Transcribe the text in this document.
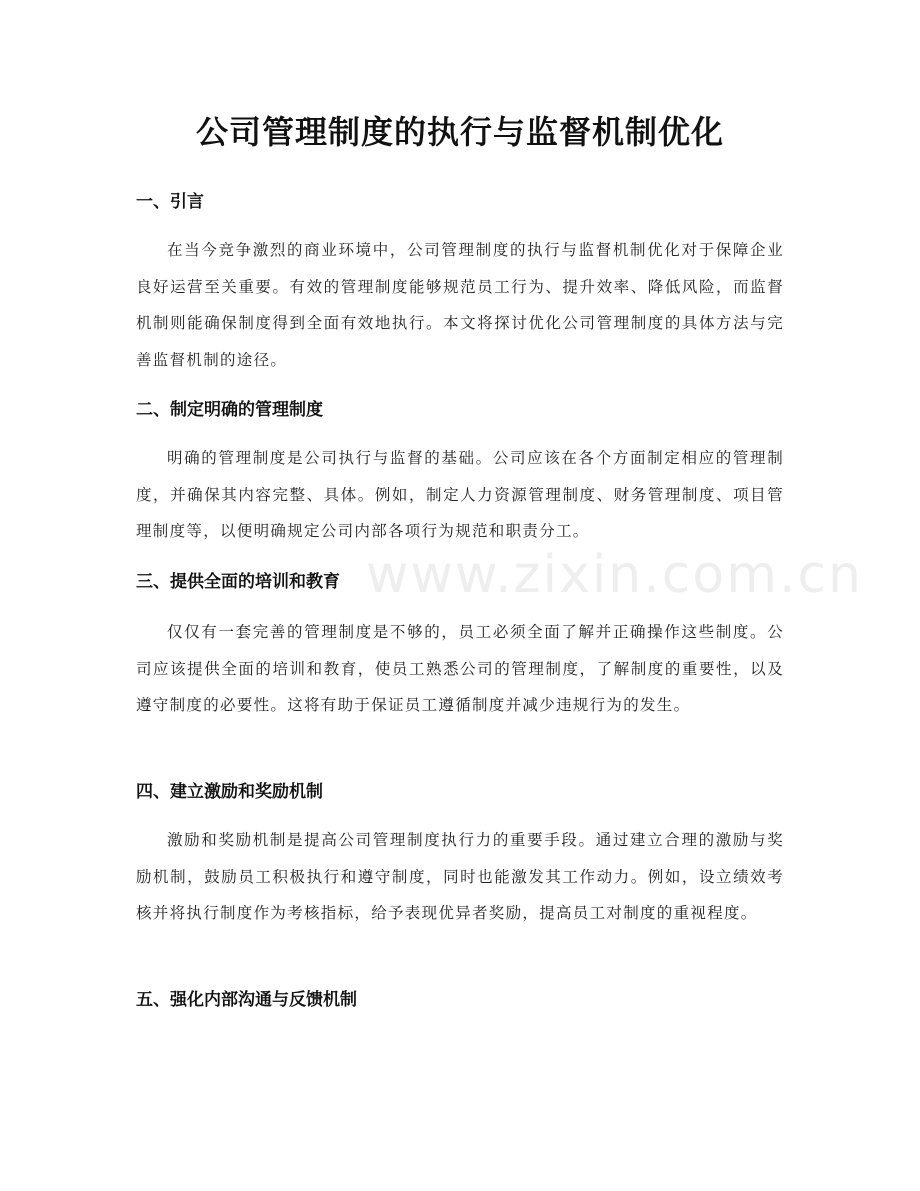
www.zixin.com.cn
公司管理制度的执行与监督机制优化
一、引言
在当今竞争激烈的商业环境中，公司管理制度的执行与监督机制优化对于保障企业良好运营至关重要。有效的管理制度能够规范员工行为、提升效率、降低风险，而监督机制则能确保制度得到全面有效地执行。本文将探讨优化公司管理制度的具体方法与完善监督机制的途径。
二、制定明确的管理制度
明确的管理制度是公司执行与监督的基础。公司应该在各个方面制定相应的管理制度，并确保其内容完整、具体。例如，制定人力资源管理制度、财务管理制度、项目管理制度等，以便明确规定公司内部各项行为规范和职责分工。
三、提供全面的培训和教育
仅仅有一套完善的管理制度是不够的，员工必须全面了解并正确操作这些制度。公司应该提供全面的培训和教育，使员工熟悉公司的管理制度，了解制度的重要性，以及遵守制度的必要性。这将有助于保证员工遵循制度并减少违规行为的发生。
四、建立激励和奖励机制
激励和奖励机制是提高公司管理制度执行力的重要手段。通过建立合理的激励与奖励机制，鼓励员工积极执行和遵守制度，同时也能激发其工作动力。例如，设立绩效考核并将执行制度作为考核指标，给予表现优异者奖励，提高员工对制度的重视程度。
五、强化内部沟通与反馈机制
